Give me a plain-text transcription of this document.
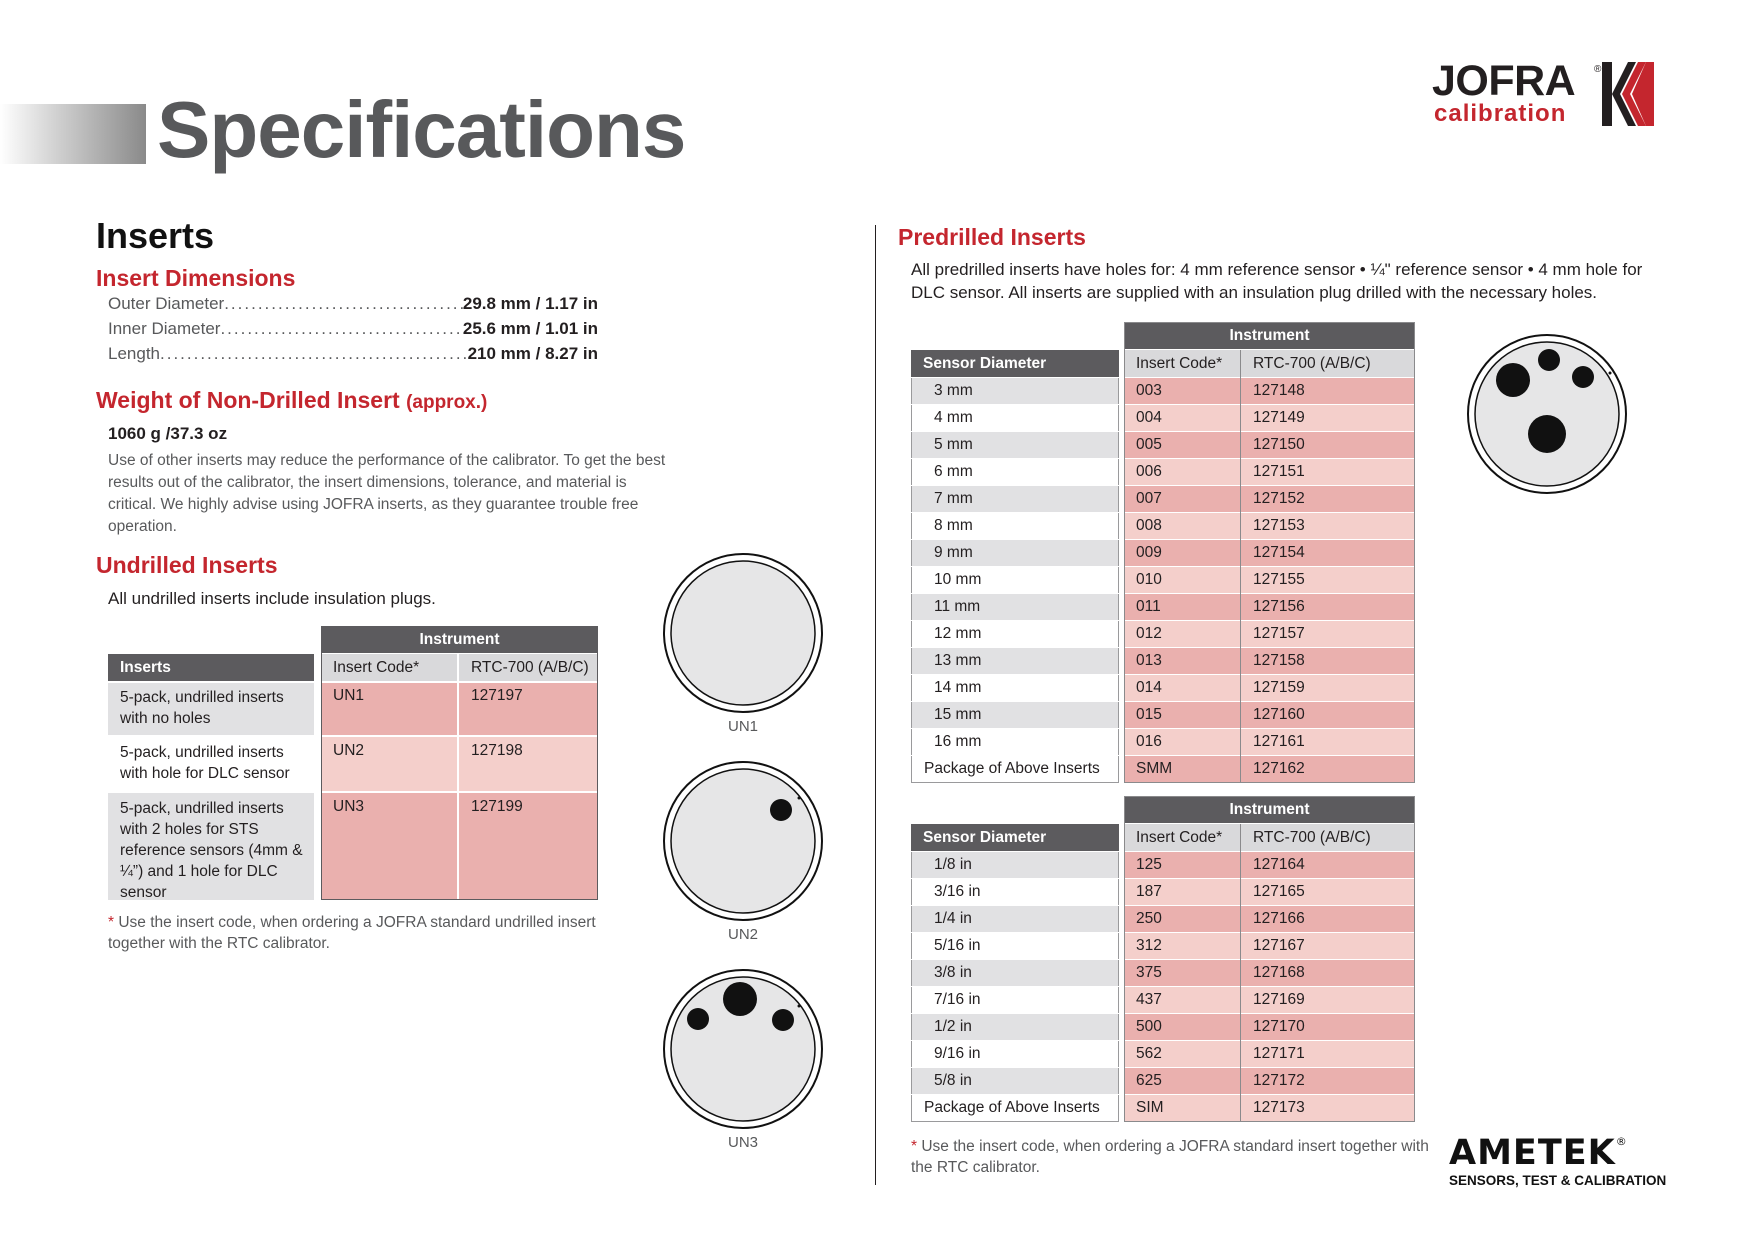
Specifications
JOFRA ®
calibration
Inserts
Insert Dimensions
Outer Diameter .....	29.8 mm / 1.17 in
Inner Diameter .....	25.6 mm / 1.01 in
Length .....	210 mm / 8.27 in
Weight of Non-Drilled Insert (approx.)
1060 g /37.3 oz
Use of other inserts may reduce the performance of the calibrator. To get the best results out of the calibrator, the insert dimensions, tolerance, and material is critical. We highly advise using JOFRA inserts, as they guarantee trouble free operation.
Undrilled Inserts
All undrilled inserts include insulation plugs.
Instrument
Inserts	Insert Code*	RTC-700 (A/B/C)
5-pack, undrilled inserts with no holes
UN1	127197
5-pack, undrilled inserts with hole for DLC sensor
UN2	127198
5-pack, undrilled inserts with 2 holes for STS reference sensors (4mm & ¼”) and 1 hole for DLC sensor
UN3	127199
* Use the insert code, when ordering a JOFRA standard undrilled insert together with the RTC calibrator.
UN1
UN2
UN3
Predrilled Inserts
All predrilled inserts have holes for: 4 mm reference sensor • ¼" reference sensor • 4 mm hole for DLC sensor. All inserts are supplied with an insulation plug drilled with the necessary holes.
Instrument
Sensor Diameter	Insert Code*	RTC-700 (A/B/C)
3 mm	003	127148
4 mm	004	127149
5 mm	005	127150
6 mm	006	127151
7 mm	007	127152
8 mm	008	127153
9 mm	009	127154
10 mm	010	127155
11 mm	011	127156
12 mm	012	127157
13 mm	013	127158
14 mm	014	127159
15 mm	015	127160
16 mm	016	127161
Package of Above Inserts	SMM	127162
Instrument
Sensor Diameter	Insert Code*	RTC-700 (A/B/C)
1/8 in	125	127164
3/16 in	187	127165
1/4 in	250	127166
5/16 in	312	127167
3/8 in	375	127168
7/16 in	437	127169
1/2 in	500	127170
9/16 in	562	127171
5/8 in	625	127172
Package of Above Inserts	SIM	127173
* Use the insert code, when ordering a JOFRA standard insert together with the RTC calibrator.	AMETEK®
SENSORS, TEST & CALIBRATION
